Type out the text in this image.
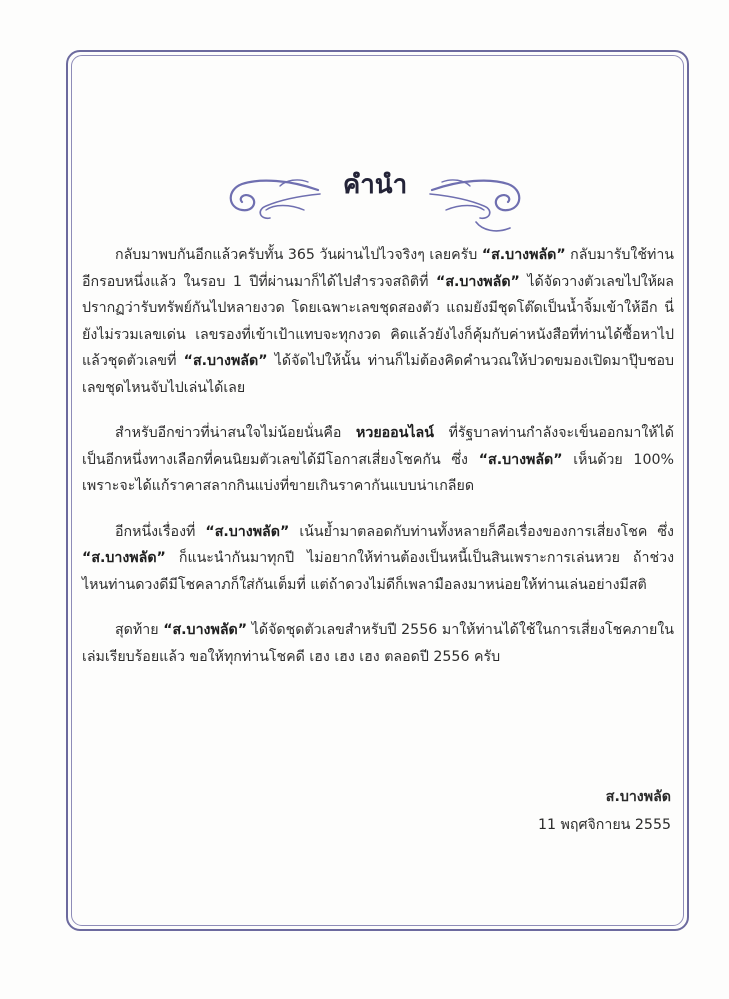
คำนำ

กลับมาพบกันอีกแล้วครับทั้น 365 วันผ่านไปไวจริงๆ เลยครับ “ส.บางพลัด” กลับมารับใช้ท่านอีกรอบหนึ่งแล้ว ในรอบ 1 ปีที่ผ่านมาก็ได้ไปสำรวจสถิติที่ “ส.บางพลัด” ได้จัดวางตัวเลขไปให้ผลปรากฏว่ารับทรัพย์กันไปหลายงวด โดยเฉพาะเลขชุดสองตัว แถมยังมีชุดโต๊ดเป็นน้ำจิ้มเข้าให้อีก นี่ยังไม่รวมเลขเด่น เลขรองที่เข้าเป้าแทบจะทุกงวด คิดแล้วยังไงก็คุ้มกับค่าหนังสือที่ท่านได้ซื้อหาไป แล้วชุดตัวเลขที่ “ส.บางพลัด” ได้จัดไปให้นั้น ท่านก็ไม่ต้องคิดคำนวณให้ปวดขมองเปิดมาปุ๊บชอบเลขชุดไหนจับไปเล่นได้เลย

สำหรับอีกข่าวที่น่าสนใจไม่น้อยนั่นคือ หวยออนไลน์ ที่รัฐบาลท่านกำลังจะเข็นออกมาให้ได้เป็นอีกหนึ่งทางเลือกที่คนนิยมตัวเลขได้มีโอกาสเสี่ยงโชคกัน ซึ่ง “ส.บางพลัด” เห็นด้วย 100% เพราะจะได้แก้ราคาสลากกินแบ่งที่ขายเกินราคากันแบบน่าเกลียด

อีกหนึ่งเรื่องที่ “ส.บางพลัด” เน้นย้ำมาตลอดกับท่านทั้งหลายก็คือเรื่องของการเสี่ยงโชค ซึ่ง “ส.บางพลัด” ก็แนะนำกันมาทุกปี ไม่อยากให้ท่านต้องเป็นหนี้เป็นสินเพราะการเล่นหวย ถ้าช่วงไหนท่านดวงดีมีโชคลาภก็ใส่กันเต็มที่ แต่ถ้าดวงไม่ดีก็เพลามือลงมาหน่อยให้ท่านเล่นอย่างมีสติ

สุดท้าย “ส.บางพลัด” ได้จัดชุดตัวเลขสำหรับปี 2556 มาให้ท่านได้ใช้ในการเสี่ยงโชคภายในเล่มเรียบร้อยแล้ว ขอให้ทุกท่านโชคดี เฮง เฮง เฮง ตลอดปี 2556 ครับ

ส.บางพลัด
11 พฤศจิกายน 2555
